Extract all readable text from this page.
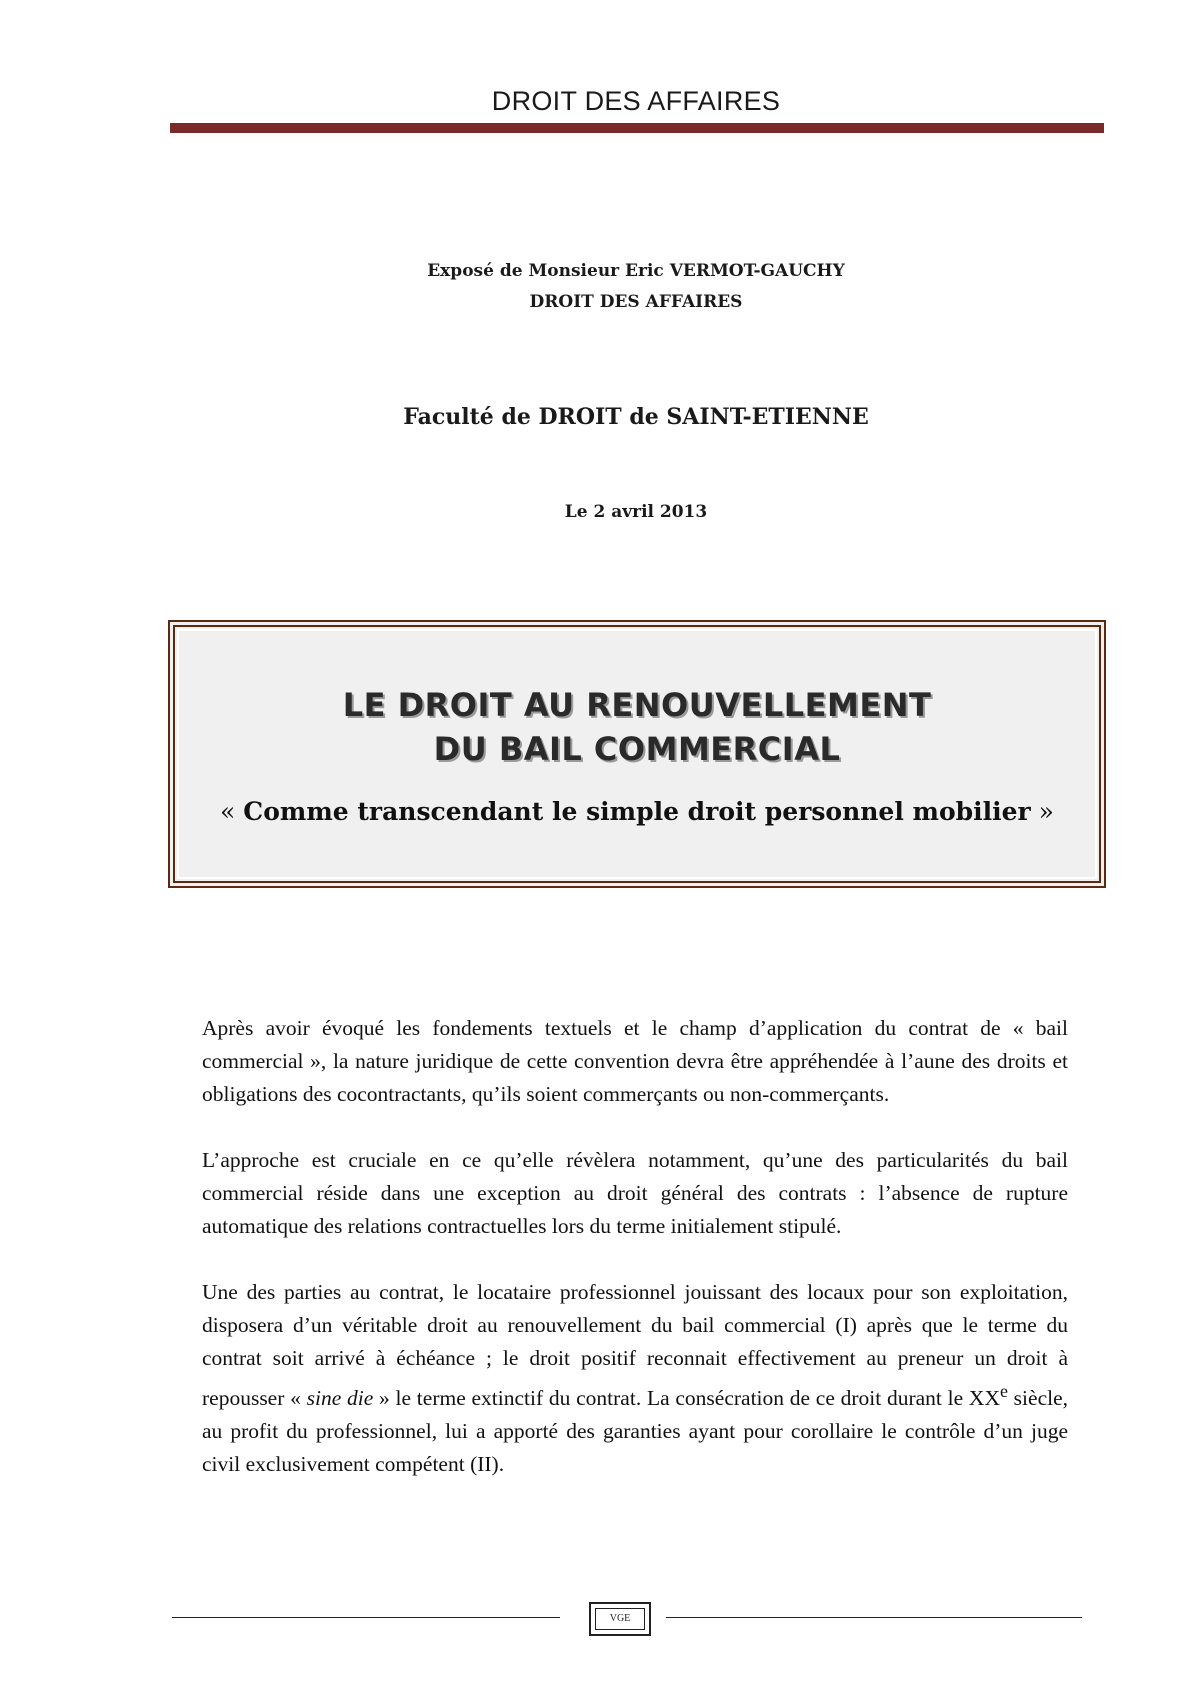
DROIT DES AFFAIRES
Exposé de Monsieur Eric VERMOT-GAUCHY
DROIT DES AFFAIRES
Faculté de DROIT de SAINT-ETIENNE
Le 2 avril 2013
LE DROIT AU RENOUVELLEMENT
DU BAIL COMMERCIAL
« Comme transcendant le simple droit personnel mobilier »

Après avoir évoqué les fondements textuels et le champ d’application du contrat de « bail commercial », la nature juridique de cette convention devra être appréhendée à l’aune des droits et obligations des cocontractants, qu’ils soient commerçants ou non-commerçants.

L’approche est cruciale en ce qu’elle révèlera notamment, qu’une des particularités du bail commercial réside dans une exception au droit général des contrats : l’absence de rupture automatique des relations contractuelles lors du terme initialement stipulé.

Une des parties au contrat, le locataire professionnel jouissant des locaux pour son exploitation, disposera d’un véritable droit au renouvellement du bail commercial (I) après que le terme du contrat soit arrivé à échéance ; le droit positif reconnait effectivement au preneur un droit à repousser « sine die » le terme extinctif du contrat. La consécration de ce droit durant le XXe siècle, au profit du professionnel, lui a apporté des garanties ayant pour corollaire le contrôle d’un juge civil exclusivement compétent (II).

VGE
